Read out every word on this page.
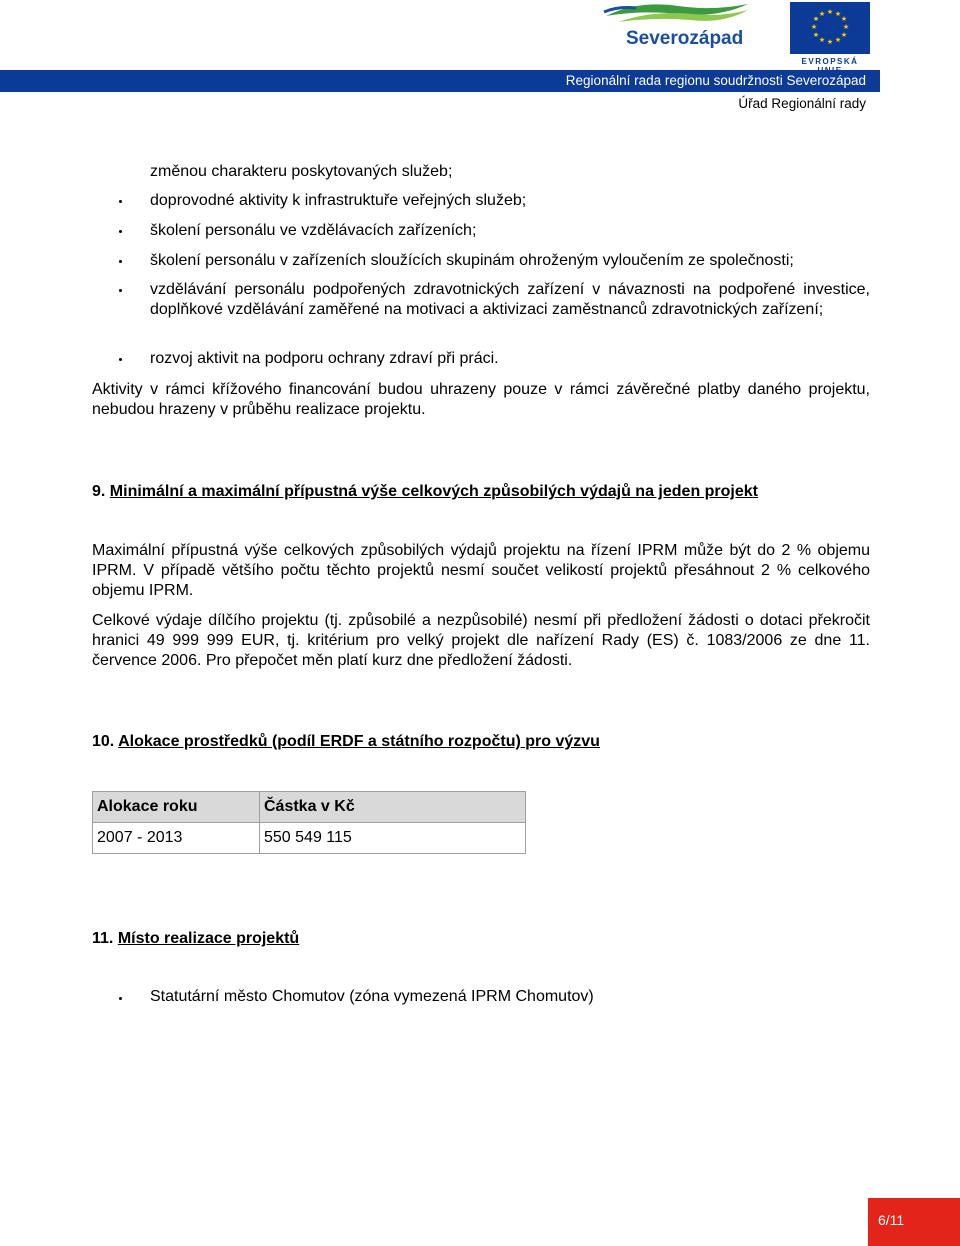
Severozápad
★ ★
★
★
★
★
★
★
★
★
★
★
EVROPSKÁ
Regionální rada regionu soudržnosti Severozápad
Úřad Regionální rady
změnou charakteru poskytovaných služeb;
doprovodné aktivity k infrastruktuře veřejných služeb;
školení personálu ve vzdělávacích zařízeních;
školení personálu v zařízeních sloužících skupinám ohroženým vyloučením ze společnosti;
vzdělávání personálu podpořených zdravotnických zařízení v návaznosti na podpořené investice, doplňkové vzdělávání zaměřené na motivaci a aktivizaci zaměstnanců zdravotnických zařízení;
rozvoj aktivit na podporu ochrany zdraví při práci.
Aktivity v rámci křížového financování budou uhrazeny pouze v rámci závěrečné platby daného projektu, nebudou hrazeny v průběhu realizace projektu.
9. Minimální a maximální přípustná výše celkových způsobilých výdajů na jeden projekt
Maximální přípustná výše celkových způsobilých výdajů projektu na řízení IPRM může být do 2 % objemu IPRM. V případě většího počtu těchto projektů nesmí součet velikostí projektů přesáhnout 2 % celkového objemu IPRM.
Celkové výdaje dílčího projektu (tj. způsobilé a nezpůsobilé) nesmí při předložení žádosti o dotaci překročit hranici 49 999 999 EUR, tj. kritérium pro velký projekt dle nařízení Rady (ES) č. 1083/2006 ze dne 11. července 2006. Pro přepočet měn platí kurz dne předložení žádosti.
10. Alokace prostředků (podíl ERDF a státního rozpočtu) pro výzvu
Alokace roku	Částka v Kč
2007 - 2013	550 549 115
11. Místo realizace projektů
Statutární město Chomutov (zóna vymezená IPRM Chomutov)
6/11
